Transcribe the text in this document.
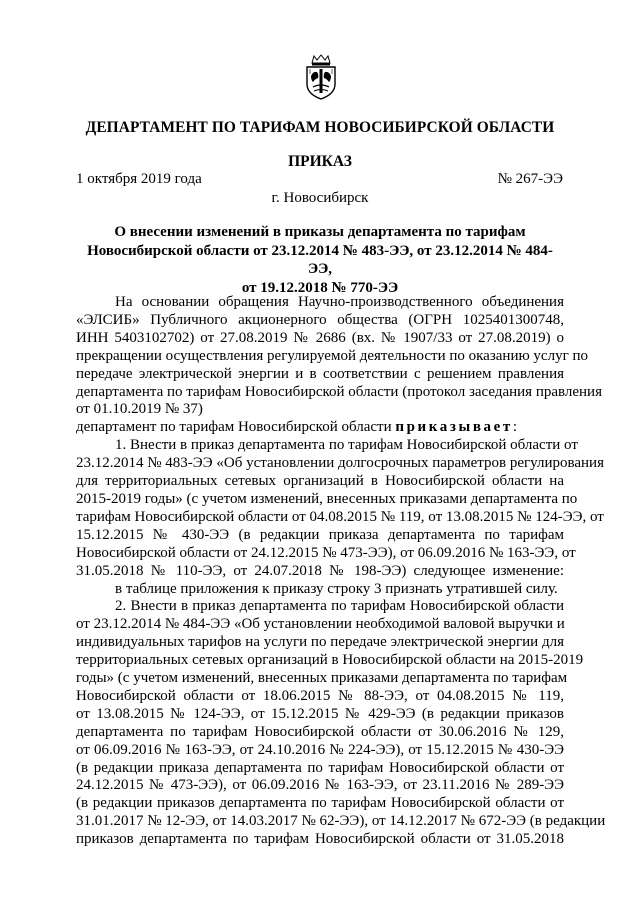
ДЕПАРТАМЕНТ ПО ТАРИФАМ НОВОСИБИРСКОЙ ОБЛАСТИ
ПРИКАЗ
1 октября 2019 года	№ 267-ЭЭ
г. Новосибирск
О внесении изменений в приказы департамента по тарифам
Новосибирской области от 23.12.2014 № 483-ЭЭ, от 23.12.2014 № 484-ЭЭ,
от 19.12.2018 № 770-ЭЭ
На основании обращения Научно-производственного объединения
«ЭЛСИБ» Публичного акционерного общества (ОГРН 1025401300748,
ИНН 5403102702) от 27.08.2019 № 2686 (вх. № 1907/33 от 27.08.2019) о
прекращении осуществления регулируемой деятельности по оказанию услуг по
передаче электрической энергии и в соответствии с решением правления
департамента по тарифам Новосибирской области (протокол заседания правления
от 01.10.2019 № 37)
департамент по тарифам Новосибирской области приказывает:
1. Внести в приказ департамента по тарифам Новосибирской области от
23.12.2014 № 483-ЭЭ «Об установлении долгосрочных параметров регулирования
для территориальных сетевых организаций в Новосибирской области на
2015-2019 годы» (с учетом изменений, внесенных приказами департамента по
тарифам Новосибирской области от 04.08.2015 № 119, от 13.08.2015 № 124-ЭЭ, от
15.12.2015 № 430-ЭЭ (в редакции приказа департамента по тарифам
Новосибирской области от 24.12.2015 № 473-ЭЭ), от 06.09.2016 № 163-ЭЭ, от
31.05.2018 № 110-ЭЭ, от 24.07.2018 № 198-ЭЭ) следующее изменение:
в таблице приложения к приказу строку 3 признать утратившей силу.
2. Внести в приказ департамента по тарифам Новосибирской области
от 23.12.2014 № 484-ЭЭ «Об установлении необходимой валовой выручки и
индивидуальных тарифов на услуги по передаче электрической энергии для
территориальных сетевых организаций в Новосибирской области на 2015-2019
годы» (с учетом изменений, внесенных приказами департамента по тарифам
Новосибирской области от 18.06.2015 № 88-ЭЭ, от 04.08.2015 № 119,
от 13.08.2015 № 124-ЭЭ, от 15.12.2015 № 429-ЭЭ (в редакции приказов
департамента по тарифам Новосибирской области от 30.06.2016 № 129,
от 06.09.2016 № 163-ЭЭ, от 24.10.2016 № 224-ЭЭ), от 15.12.2015 № 430-ЭЭ
(в редакции приказа департамента по тарифам Новосибирской области от
24.12.2015 № 473-ЭЭ), от 06.09.2016 № 163-ЭЭ, от 23.11.2016 № 289-ЭЭ
(в редакции приказов департамента по тарифам Новосибирской области от
31.01.2017 № 12-ЭЭ, от 14.03.2017 № 62-ЭЭ), от 14.12.2017 № 672-ЭЭ (в редакции
приказов департамента по тарифам Новосибирской области от 31.05.2018
